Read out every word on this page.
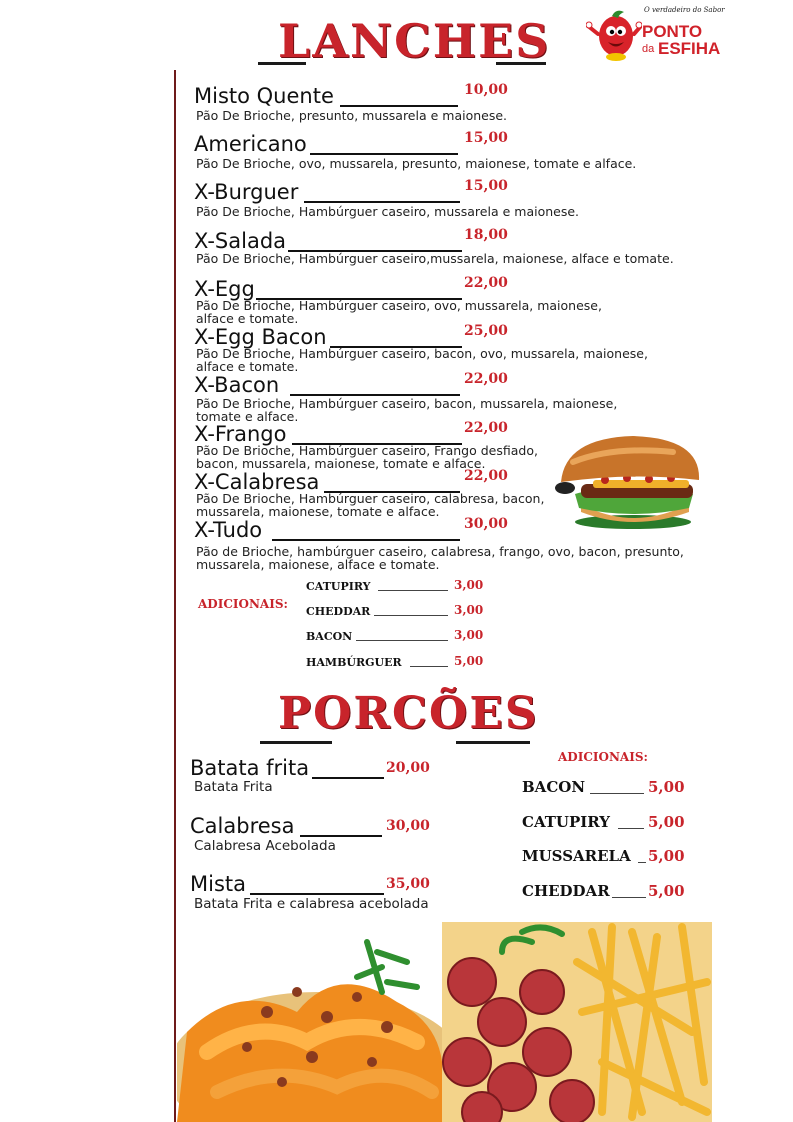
LANCHES
O verdadeiro do Sabor
PONTO
da ESFIHA
Misto Quente	10,00
Pão De Brioche, presunto, mussarela e maionese.
Americano	15,00
Pão De Brioche, ovo, mussarela, presunto, maionese, tomate e alface.
X-Burguer	15,00
Pão De Brioche, Hambúrguer caseiro, mussarela e maionese.
X-Salada	18,00
Pão De Brioche, Hambúrguer caseiro,mussarela, maionese, alface e tomate.
X-Egg	22,00
Pão De Brioche, Hambúrguer caseiro, ovo, mussarela, maionese,
alface e tomate.
X-Egg Bacon	25,00
Pão De Brioche, Hambúrguer caseiro, bacon, ovo, mussarela, maionese,
alface e tomate.
X-Bacon	22,00
Pão De Brioche, Hambúrguer caseiro, bacon, mussarela, maionese,
tomate e alface.
X-Frango	22,00
Pão De Brioche, Hambúrguer caseiro, Frango desfiado,
bacon, mussarela, maionese, tomate e alface.
X-Calabresa	22,00
Pão De Brioche, Hambúrguer caseiro, calabresa, bacon,
mussarela, maionese, tomate e alface.
X-Tudo	30,00
Pão de Brioche, hambúrguer caseiro, calabresa, frango, ovo, bacon, presunto,
mussarela, maionese, alface e tomate.
ADICIONAIS:
CATUPIRY	3,00
CHEDDAR	3,00
BACON	3,00
HAMBÚRGUER	5,00
PORCÕES
Batata frita	20,00
Batata Frita
Calabresa	30,00
Calabresa Acebolada
Mista	35,00
Batata Frita e calabresa acebolada
ADICIONAIS:
BACON	5,00
CATUPIRY	5,00
MUSSARELA 5,00
CHEDDAR	5,00
